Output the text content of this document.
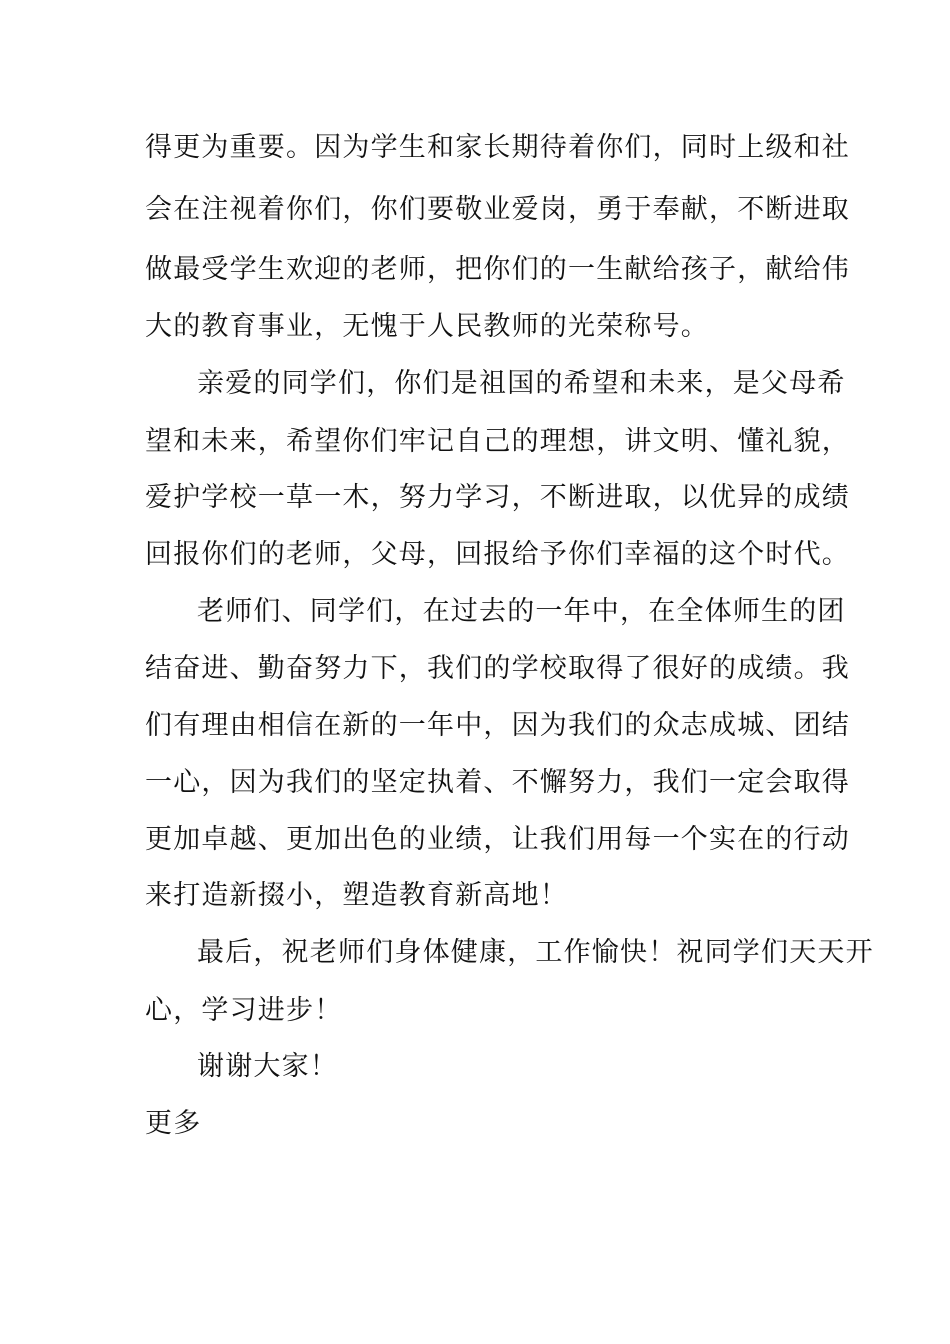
得更为重要。因为学生和家长期待着你们，同时上级和社
会在注视着你们，你们要敬业爱岗，勇于奉献，不断进取
做最受学生欢迎的老师，把你们的一生献给孩子，献给伟
大的教育事业，无愧于人民教师的光荣称号。
亲爱的同学们，你们是祖国的希望和未来，是父母希
望和未来，希望你们牢记自己的理想，讲文明、懂礼貌，
爱护学校一草一木，努力学习，不断进取，以优异的成绩
回报你们的老师，父母，回报给予你们幸福的这个时代。
老师们、同学们，在过去的一年中，在全体师生的团
结奋进、勤奋努力下，我们的学校取得了很好的成绩。我
们有理由相信在新的一年中，因为我们的众志成城、团结
一心，因为我们的坚定执着、不懈努力，我们一定会取得
更加卓越、更加出色的业绩，让我们用每一个实在的行动
来打造新掇小，塑造教育新高地！
最后，祝老师们身体健康，工作愉快！祝同学们天天开
心，学习进步！
谢谢大家！
更多
